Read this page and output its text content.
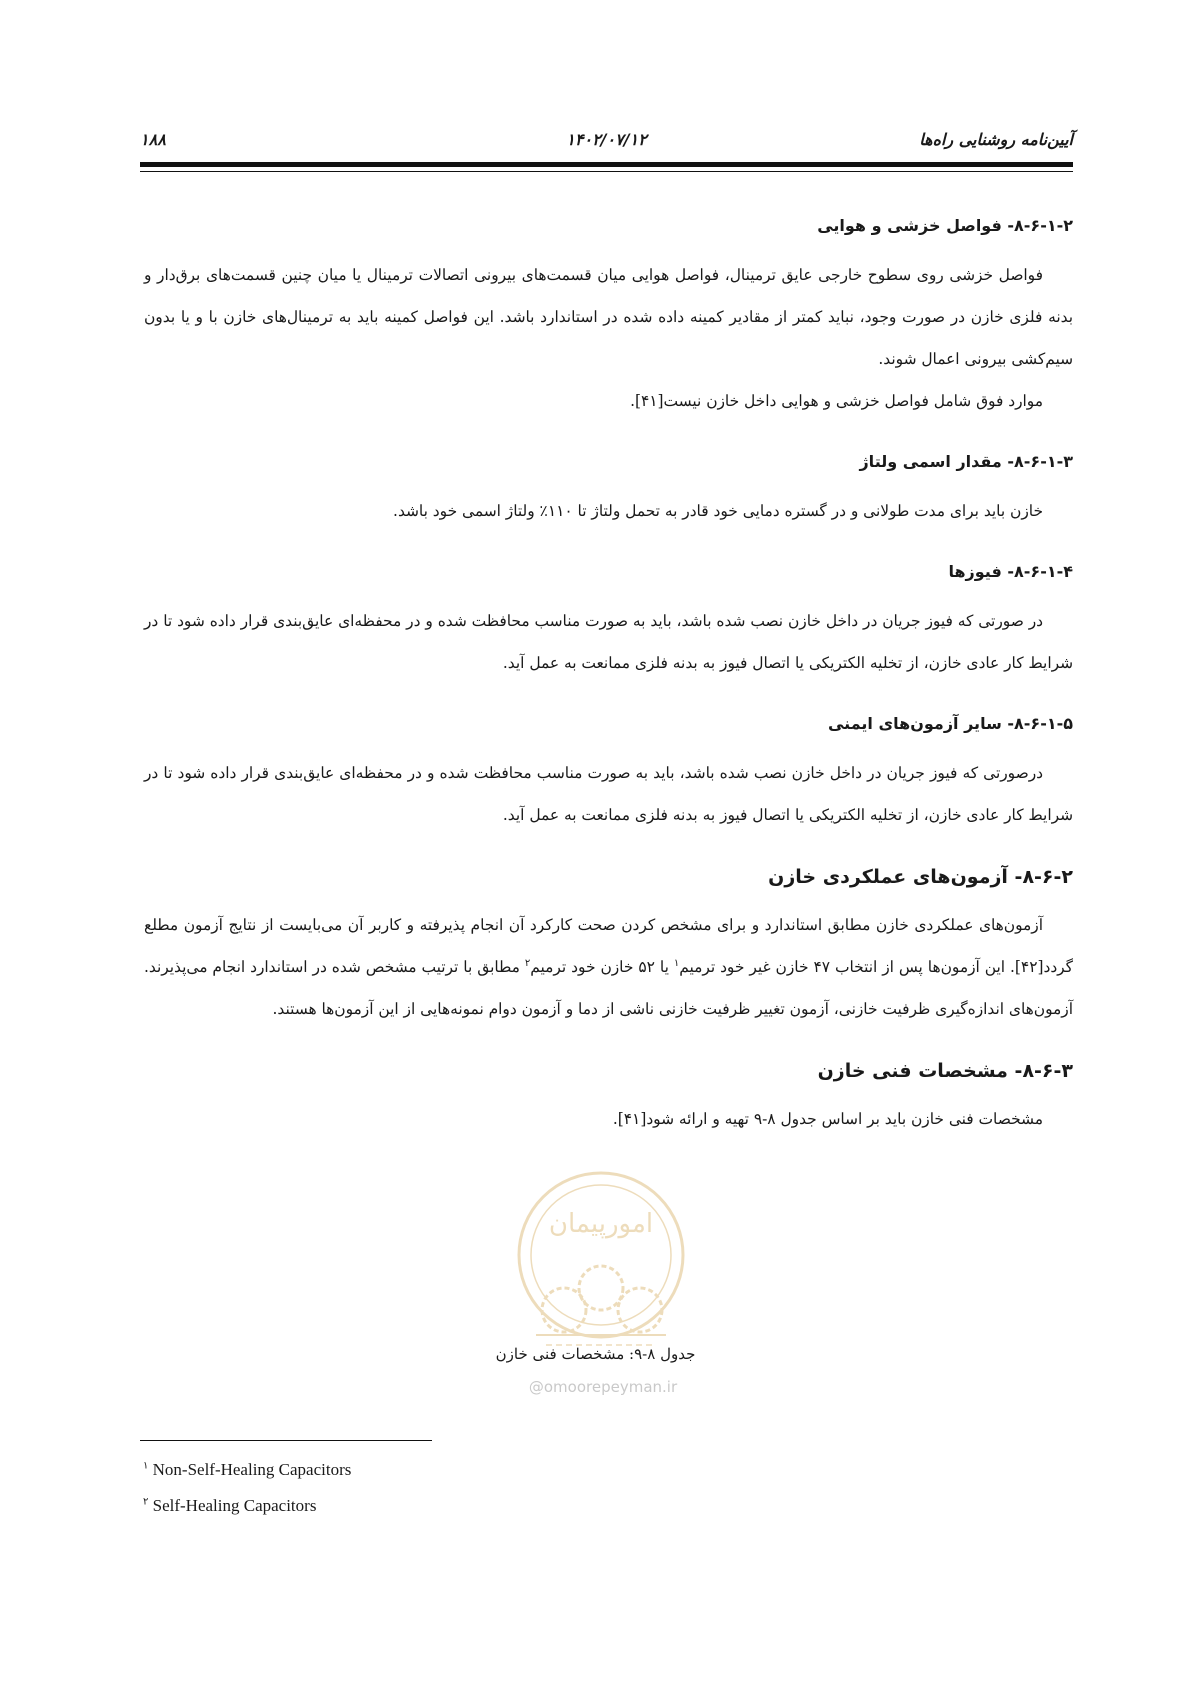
آیین‌نامه روشنایی راه‌ها
۱۴۰۲/۰۷/۱۲
۱۸۸
۸-۶-۱-۲- فواصل خزشی و هوایی

فواصل خزشی روی سطوح خارجی عایق ترمینال، فواصل هوایی میان قسمت‌های بیرونی اتصالات ترمینال یا میان چنین قسمت‌های برق‌دار و بدنه فلزی خازن در صورت وجود، نباید کمتر از مقادیر کمینه داده شده در استاندارد باشد. این فواصل کمینه باید به ترمینال‌های خازن با و یا بدون سیم‌کشی بیرونی اعمال شوند.

موارد فوق شامل فواصل خزشی و هوایی داخل خازن نیست[۴۱].

۸-۶-۱-۳- مقدار اسمی ولتاژ

خازن باید برای مدت طولانی و در گستره دمایی خود قادر به تحمل ولتاژ تا ۱۱۰٪ ولتاژ اسمی خود باشد.

۸-۶-۱-۴- فیوزها

در صورتی که فیوز جریان در داخل خازن نصب شده باشد، باید به صورت مناسب محافظت شده و در محفظه‌ای عایق‌بندی قرار داده شود تا در شرایط کار عادی خازن، از تخلیه الکتریکی یا اتصال فیوز به بدنه فلزی ممانعت به عمل آید.

۸-۶-۱-۵- سایر آزمون‌های ایمنی

درصورتی که فیوز جریان در داخل خازن نصب شده باشد، باید به صورت مناسب محافظت شده و در محفظه‌ای عایق‌بندی قرار داده شود تا در شرایط کار عادی خازن، از تخلیه الکتریکی یا اتصال فیوز به بدنه فلزی ممانعت به عمل آید.

۸-۶-۲- آزمون‌های عملکردی خازن

آزمون‌های عملکردی خازن مطابق استاندارد و برای مشخص کردن صحت کارکرد آن انجام پذیرفته و کاربر آن می‌بایست از نتایج آزمون مطلع گردد[۴۲]. این آزمون‌ها پس از انتخاب ۴۷ خازن غیر خود ترمیم$^۱$ یا ۵۲ خازن خود ترمیم$^۲$ مطابق با ترتیب مشخص شده در استاندارد انجام می‌پذیرند. آزمون‌های اندازه‌گیری ظرفیت خازنی، آزمون تغییر ظرفیت خازنی ناشی از دما و آزمون دوام نمونه‌هایی از این آزمون‌ها هستند.

۸-۶-۳- مشخصات فنی خازن

مشخصات فنی خازن باید بر اساس جدول ۸-۹ تهیه و ارائه شود[۴۱].

امورپیمان
@omoorepeyman.ir
جدول ۸-۹: مشخصات فنی خازن
$^۱$ Non-Self-Healing Capacitors
$^۲$ Self-Healing Capacitors
